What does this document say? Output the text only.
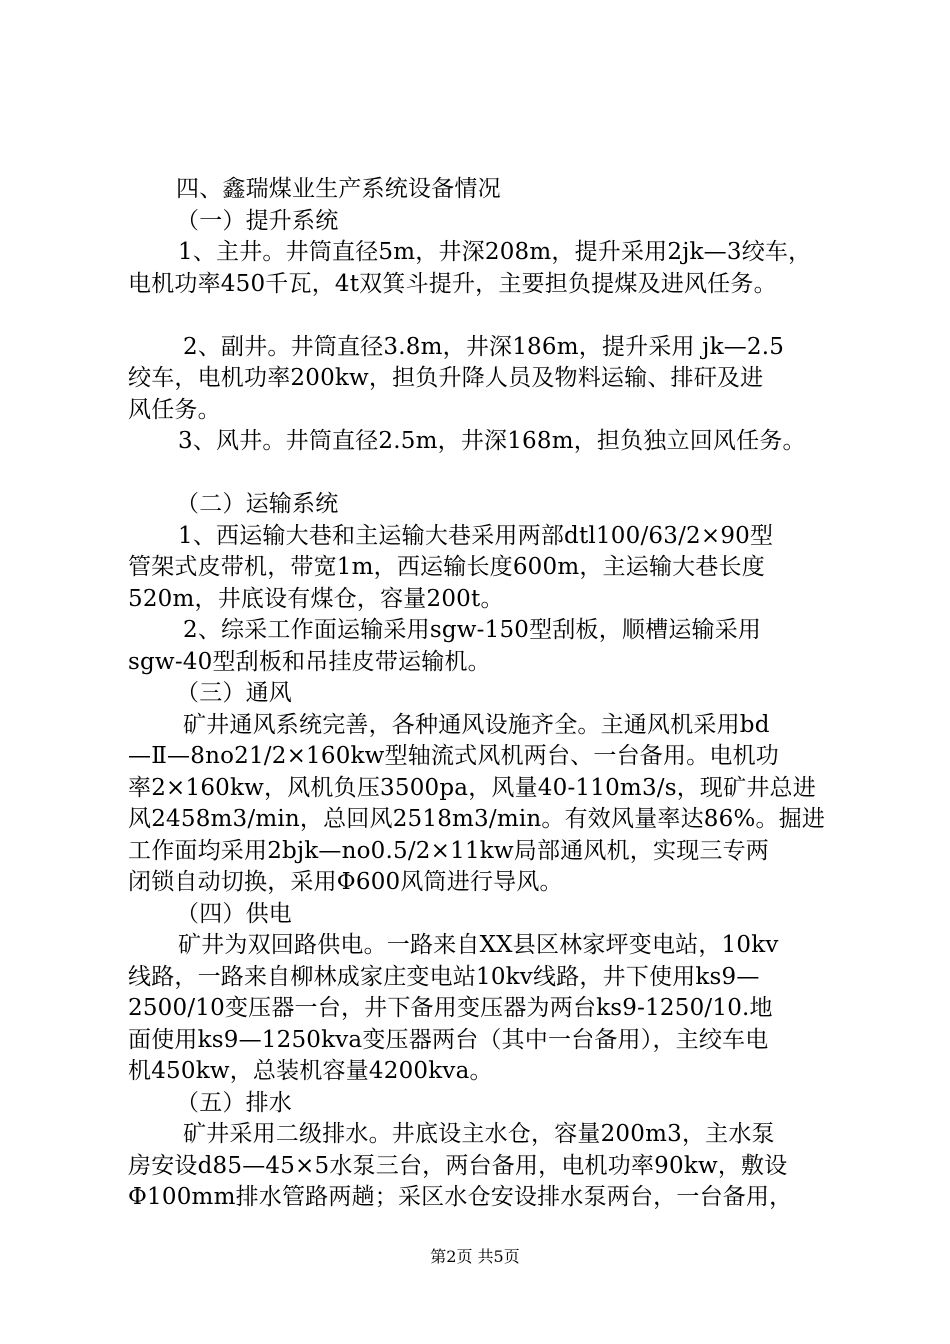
四、鑫瑞煤业生产系统设备情况
（一）提升系统
1、主井。井筒直径5m，井深208m，提升采用2jk—3绞车，
电机功率450千瓦，4t双箕斗提升，主要担负提煤及进风任务。
2、副井。井筒直径3.8m，井深186m，提升采用 jk—2.5
绞车，电机功率200kw，担负升降人员及物料运输、排矸及进
风任务。
3、风井。井筒直径2.5m，井深168m，担负独立回风任务。
（二）运输系统
1、西运输大巷和主运输大巷采用两部dtl100/63/2×90型
管架式皮带机，带宽1m，西运输长度600m，主运输大巷长度
520m，井底设有煤仓，容量200t。
2、综采工作面运输采用sgw-150型刮板，顺槽运输采用
sgw-40型刮板和吊挂皮带运输机。
（三）通风
矿井通风系统完善，各种通风设施齐全。主通风机采用bd
—Ⅱ—8no21/2×160kw型轴流式风机两台、一台备用。电机功
率2×160kw，风机负压3500pa，风量40-110m3/s，现矿井总进
风2458m3/min，总回风2518m3/min。有效风量率达86%。掘进
工作面均采用2bjk—no0.5/2×11kw局部通风机，实现三专两
闭锁自动切换，采用Φ600风筒进行导风。
（四）供电
矿井为双回路供电。一路来自XX县区林家坪变电站，10kv
线路，一路来自柳林成家庄变电站10kv线路，井下使用ks9—
2500/10变压器一台，井下备用变压器为两台ks9-1250/10.地
面使用ks9—1250kva变压器两台（其中一台备用），主绞车电
机450kw，总装机容量4200kva。
（五）排水
矿井采用二级排水。井底设主水仓，容量200m3，主水泵
房安设d85—45×5水泵三台，两台备用，电机功率90kw，敷设
Φ100mm排水管路两趟；采区水仓安设排水泵两台，一台备用，
第2页 共5页
